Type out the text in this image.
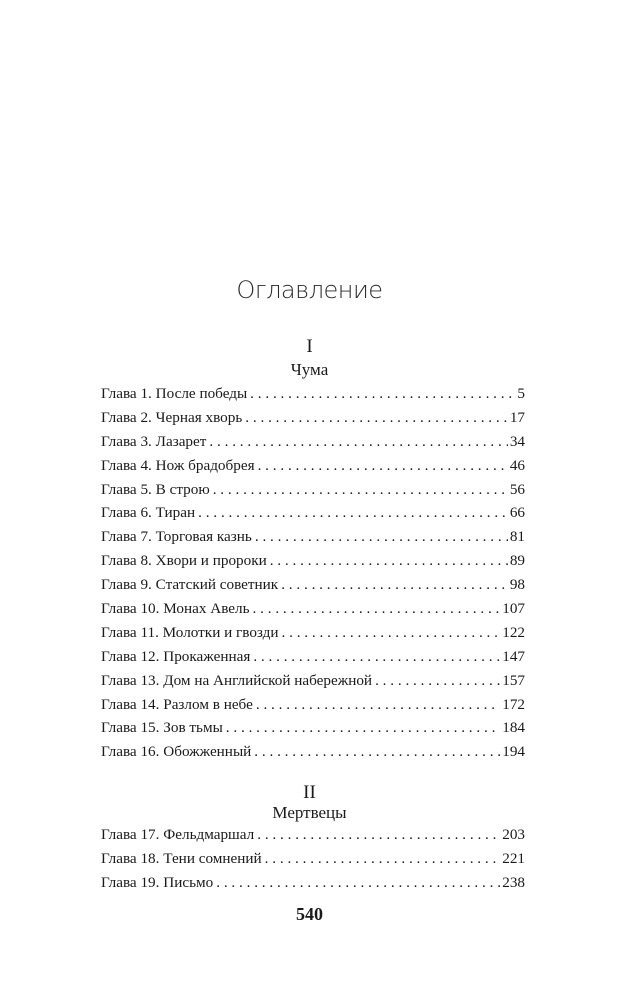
Оглавление

I

Чума

Глава 1. После победы . . .	5
Глава 2. Черная хворь . . .	17
Глава 3. Лазарет . . .	34
Глава 4. Нож брадобрея . . .	46
Глава 5. В строю . . .	56
Глава 6. Тиран . . .	66
Глава 7. Торговая казнь . . .	81
Глава 8. Хвори и пророки . . .	89
Глава 9. Статский советник . . .	98
Глава 10. Монах Авель . . .	107
Глава 11. Молотки и гвозди . . .	122
Глава 12. Прокаженная . . .	147
Глава 13. Дом на Английской набережной . . .	157
Глава 14. Разлом в небе . . .	172
Глава 15. Зов тьмы . . .	184
Глава 16. Обожженный . . .	194

II

Мертвецы

Глава 17. Фельдмаршал . . .	203
Глава 18. Тени сомнений . . .	221
Глава 19. Письмо . . .	238

540
